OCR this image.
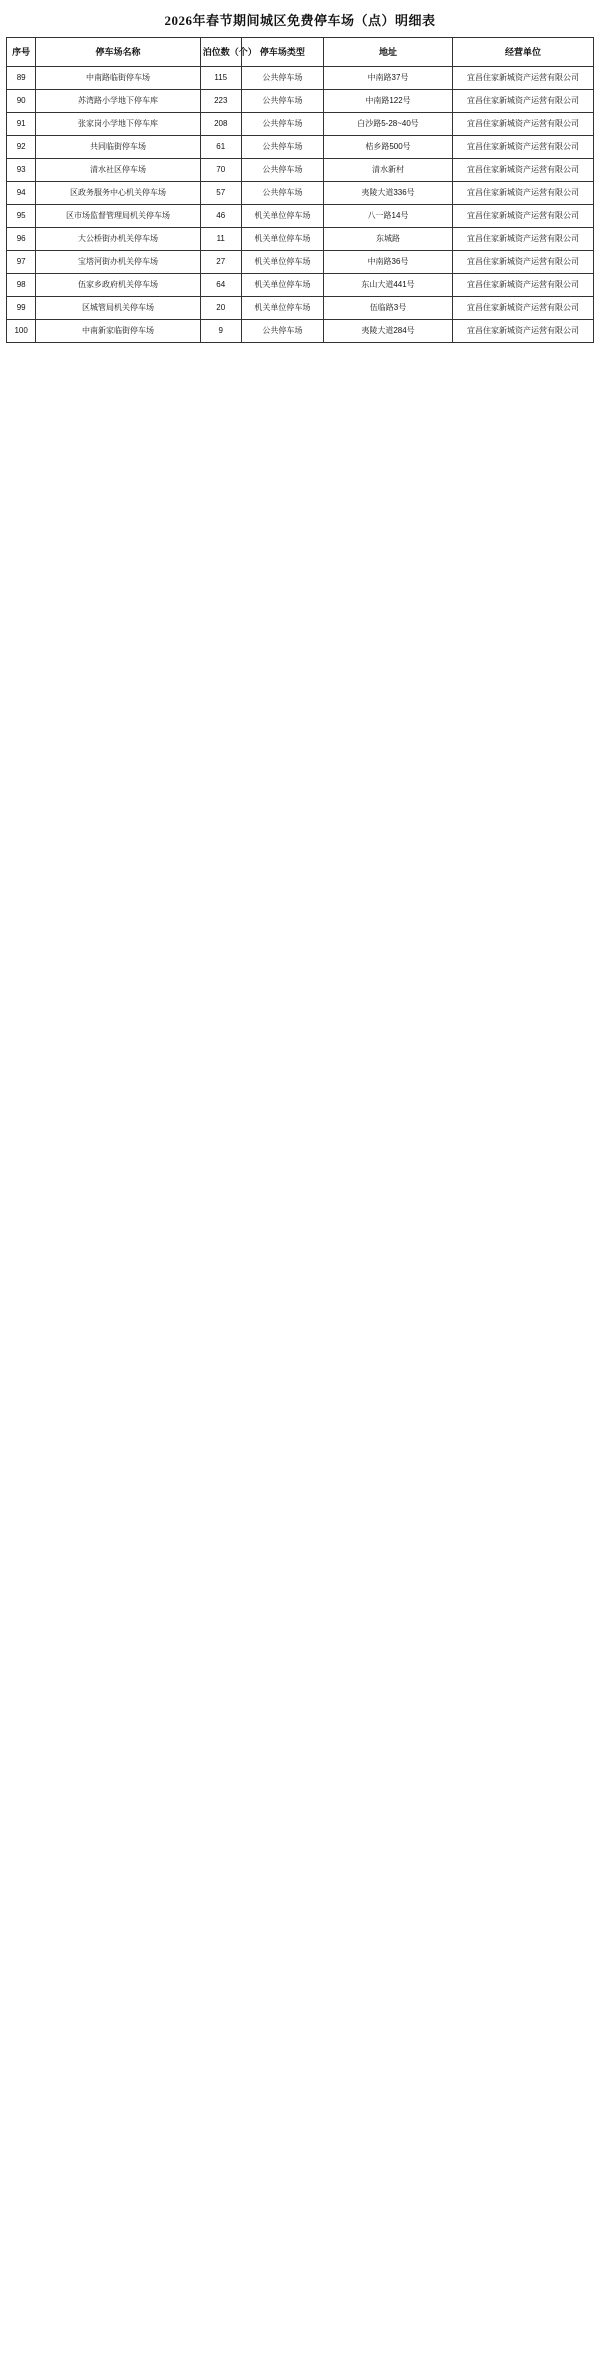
2026年春节期间城区免费停车场（点）明细表
序号	停车场名称	泊位数（个）	停车场类型	地址	经营单位
89	中南路临街停车场	115	公共停车场	中南路37号	宜昌住家新城资产运营有限公司
90	苏湾路小学地下停车库	223	公共停车场	中南路122号	宜昌住家新城资产运营有限公司
91	张家岗小学地下停车库	208	公共停车场	白沙路5-28~40号	宜昌住家新城资产运营有限公司
92	共同临街停车场	61	公共停车场	桔乡路500号	宜昌住家新城资产运营有限公司
93	清水社区停车场	70	公共停车场	清水新村	宜昌住家新城资产运营有限公司
94	区政务服务中心机关停车场	57	公共停车场	夷陵大道336号	宜昌住家新城资产运营有限公司
95	区市场监督管理局机关停车场	46	机关单位停车场	八一路14号	宜昌住家新城资产运营有限公司
96	大公桥街办机关停车场	11	机关单位停车场	东城路	宜昌住家新城资产运营有限公司
97	宝塔河街办机关停车场	27	机关单位停车场	中南路36号	宜昌住家新城资产运营有限公司
98	伍家乡政府机关停车场	64	机关单位停车场	东山大道441号	宜昌住家新城资产运营有限公司
99	区城管局机关停车场	20	机关单位停车场	伍临路3号	宜昌住家新城资产运营有限公司
100	中南新家临街停车场	9	公共停车场	夷陵大道284号	宜昌住家新城资产运营有限公司
